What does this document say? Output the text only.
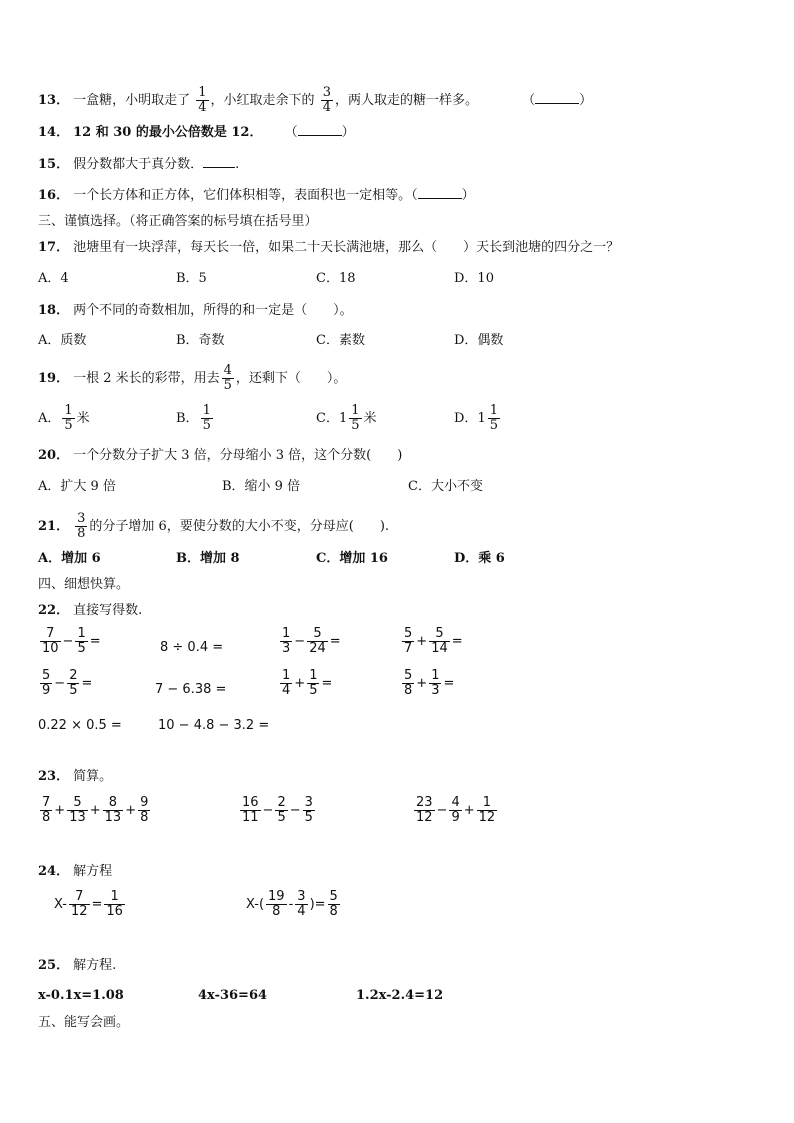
13． 一盒糖，小明取走了 $\frac{1}{4}$ ，小红取走余下的 $\frac{3}{4}$ ，两人取走的糖一样多。	（	）
14． 12 和 30 的最小公倍数是 12． （	）
15． 假分数都大于真分数． .
16． 一个长方体和正方体，它们体积相等，表面积也一定相等。（	）
三、谨慎选择。（将正确答案的标号填在括号里）
17． 池塘里有一块浮萍，每天长一倍，如果二十天长满池塘，那么（　　）天长到池塘的四分之一？
A．4	B．5	C．18	D．10
18． 两个不同的奇数相加，所得的和一定是（　　）。
A．质数	B．奇数	C．素数	D．偶数
19． 一根 2 米长的彩带，用去 $\frac{4}{5}$ ，还剩下（　　）。
A． $\frac{1}{5}$ 米	B． $\frac{1}{5}$	C．$1 \frac{1}{5}$ 米	D．$1 \frac{1}{5}$
20． 一个分数分子扩大 3 倍，分母缩小 3 倍，这个分数(　　)
A．扩大 9 倍	B．缩小 9 倍	C．大小不变
21． $\frac{3}{8}$ 的分子增加 6，要使分数的大小不变，分母应(　　).
A．增加 6	B．增加 8	C．增加 16	D．乘 6
四、细想快算。
22． 直接写得数.
$\frac{7}{10} - \frac{1}{5}$ =	8 ÷ 0.4 =	$\frac{1}{3} - \frac{5}{24}$ =	$\frac{5}{7} + \frac{5}{14}$ =
$\frac{5}{9} - \frac{2}{5}$ =	7 − 6.38 =	$\frac{1}{4} + \frac{1}{5}$ =	$\frac{5}{8} + \frac{1}{3}$ =
0.22 × 0.5 =	10 − 4.8 − 3.2 =
23． 简算。
$\frac{7}{8} + \frac{5}{13} + \frac{8}{13} + \frac{9}{8}$	$\frac{16}{11} - \frac{2}{5} - \frac{3}{5}$	$\frac{23}{12} - \frac{4}{9} + \frac{1}{12}$
24． 解方程
$X- \frac{7}{12} = \frac{1}{16}$	$X-( \frac{19}{8} - \frac{3}{4}$ )= $\frac{5}{8}$
25． 解方程.
x-0.1x=1.08	4x-36=64	1.2x-2.4=12
五、能写会画。
